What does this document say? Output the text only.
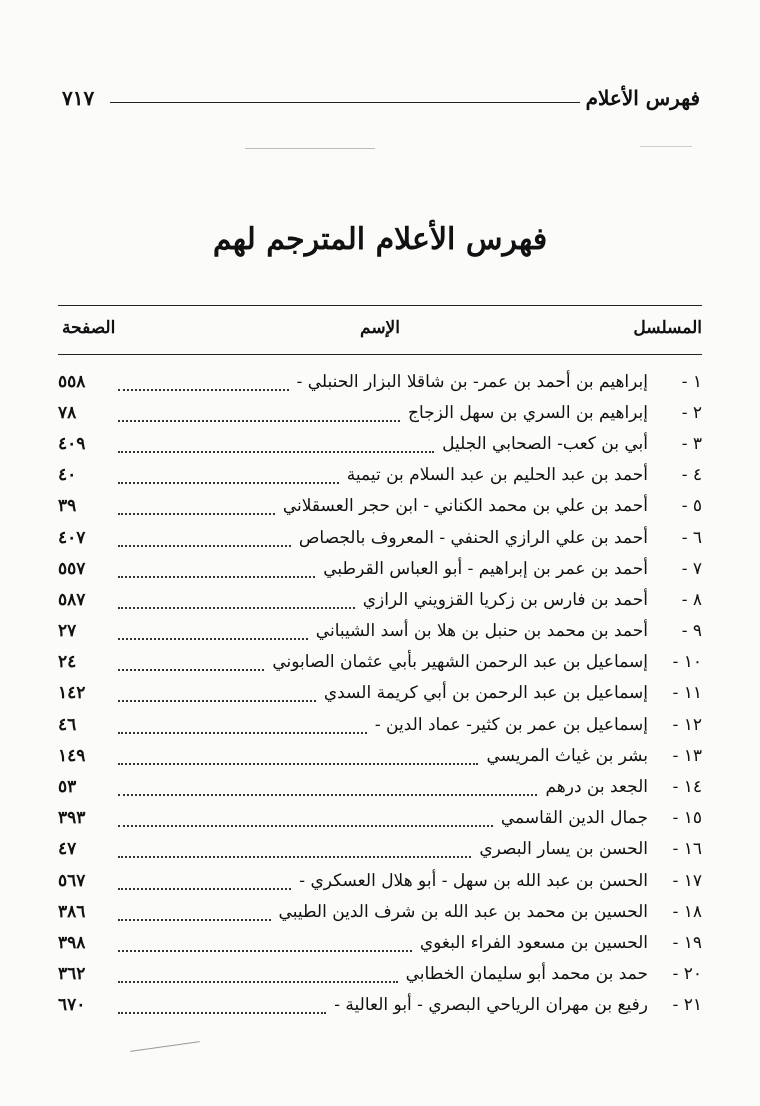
فهرس الأعلام
٧١٧
فهرس الأعلام المترجم لهم
المسلسل
الإسم
الصفحة
١ -
إبراهيم بن أحمد بن عمر- بن شاقلا البزار الحنبلي -
٥٥٨
٢ -
إبراهيم بن السري بن سهل الزجاج
٧٨
٣ -
أبي بن كعب- الصحابي الجليل
٤٠٩
٤ -
أحمد بن عبد الحليم بن عبد السلام بن تيمية
٤٠
٥ -
أحمد بن علي بن محمد الكناني - ابن حجر العسقلاني
٣٩
٦ -
أحمد بن علي الرازي الحنفي - المعروف بالجصاص
٤٠٧
٧ -
أحمد بن عمر بن إبراهيم - أبو العباس القرطبي
٥٥٧
٨ -
أحمد بن فارس بن زكريا القزويني الرازي
٥٨٧
٩ -
أحمد بن محمد بن حنبل بن هلا بن أسد الشيباني
٢٧
١٠ -
إسماعيل بن عبد الرحمن الشهير بأبي عثمان الصابوني
٢٤
١١ -
إسماعيل بن عبد الرحمن بن أبي كريمة السدي
١٤٢
١٢ -
إسماعيل بن عمر بن كثير- عماد الدين -
٤٦
١٣ -
بشر بن غياث المريسي
١٤٩
١٤ -
الجعد بن درهم
٥٣
١٥ -
جمال الدين القاسمي
٣٩٣
١٦ -
الحسن بن يسار البصري
٤٧
١٧ -
الحسن بن عبد الله بن سهل - أبو هلال العسكري -
٥٦٧
١٨ -
الحسين بن محمد بن عبد الله بن شرف الدين الطيبي
٣٨٦
١٩ -
الحسين بن مسعود الفراء البغوي
٣٩٨
٢٠ -
حمد بن محمد أبو سليمان الخطابي
٣٦٢
٢١ -
رفيع بن مهران الرياحي البصري - أبو العالية -
٦٧٠
